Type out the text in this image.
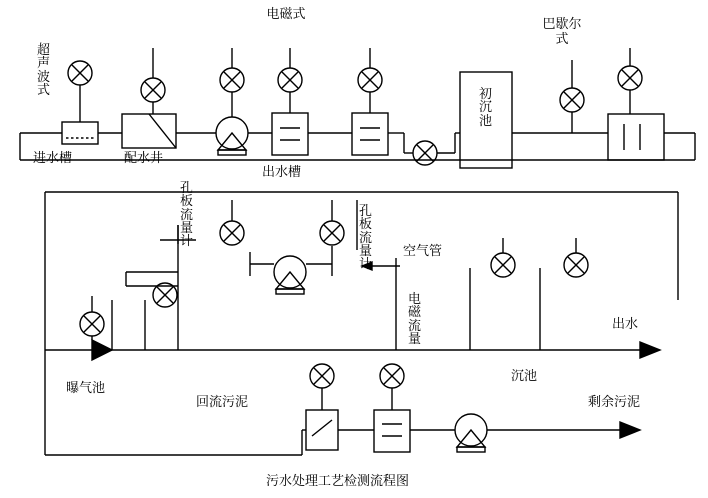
超声波式
进水槽	配水井
电磁式
出水槽
初沉池
巴歇尔式
孔板流量计
孔板流量计
空气管
电磁流量
曝气池
回流污泥
沉池
出水
剩余污泥
污水处理工艺检测流程图
